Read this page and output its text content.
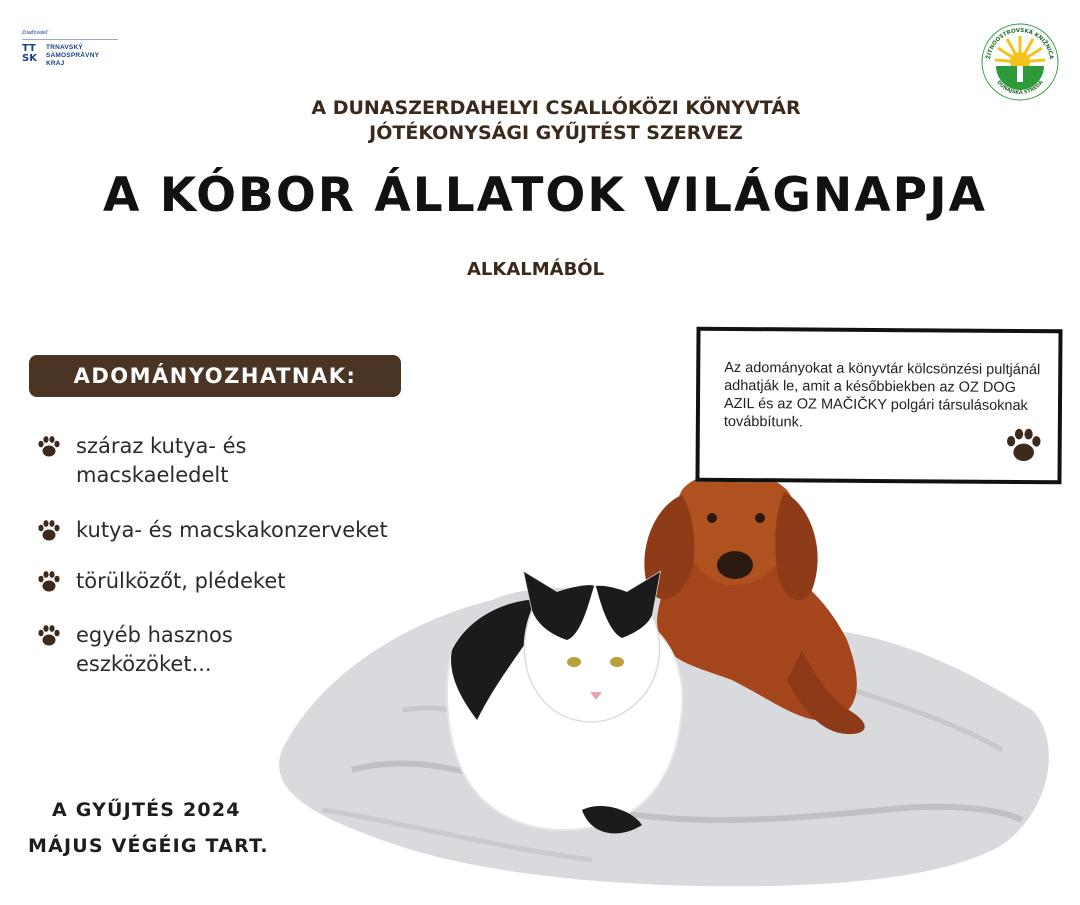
Zriaďovateľ:
TT
SK
TRNAVSKÝ
SAMOSPRÁVNY
KRAJ
ŽITNOOSTROVSKÁ KNIŽNICA
DUNAJSKÁ STREDA
A DUNASZERDAHELYI CSALLÓKÖZI KÖNYVTÁR
JÓTÉKONYSÁGI GYŰJTÉST SZERVEZ
A KÓBOR ÁLLATOK VILÁGNAPJA
ALKALMÁBÓL
ADOMÁNYOZHATNAK:
száraz kutya- és macskaeledelt
kutya- és macskakonzerveket
törülközőt, plédeket
egyéb hasznos eszközöket...
Az adományokat a könyvtár kölcsönzési pultjánál adhatják le, amit a későbbiekben az OZ DOG AZIL és az OZ MAČIČKY polgári társulásoknak továbbítunk.
A GYŰJTÉS 2024
MÁJUS VÉGÉIG TART.
